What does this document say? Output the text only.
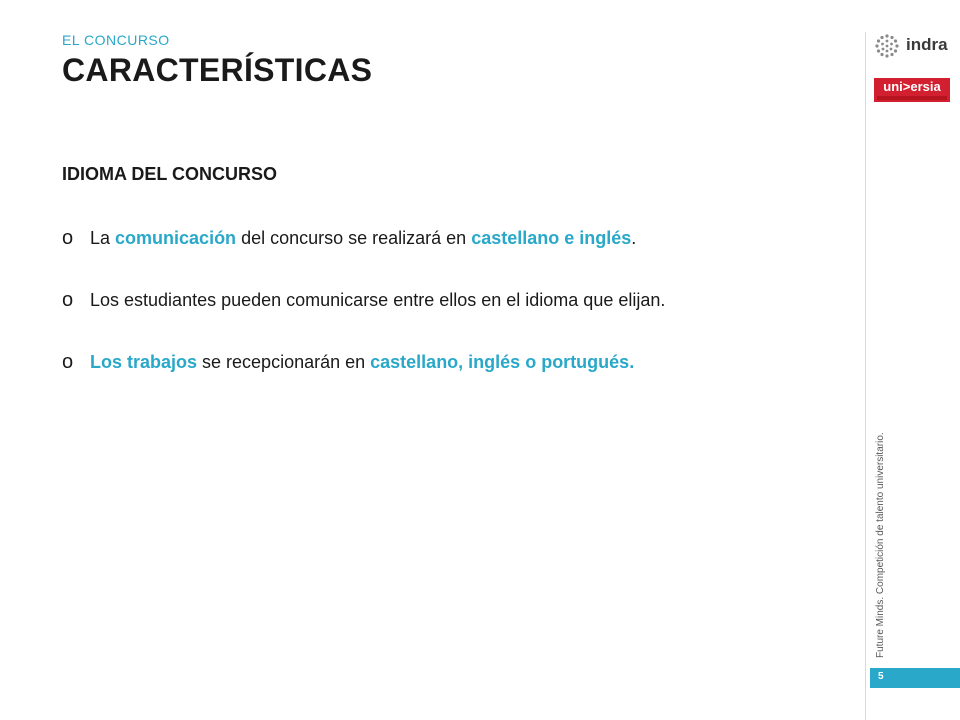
EL CONCURSO
CARACTERÍSTICAS
IDIOMA DEL CONCURSO
o La comunicación del concurso se realizará en castellano e inglés.
o Los estudiantes pueden comunicarse entre ellos en el idioma que elijan.
o Los trabajos se recepcionarán en castellano, inglés o portugués.
indra
uni>ersia
Future Minds. Competición de talento universitario.
5
